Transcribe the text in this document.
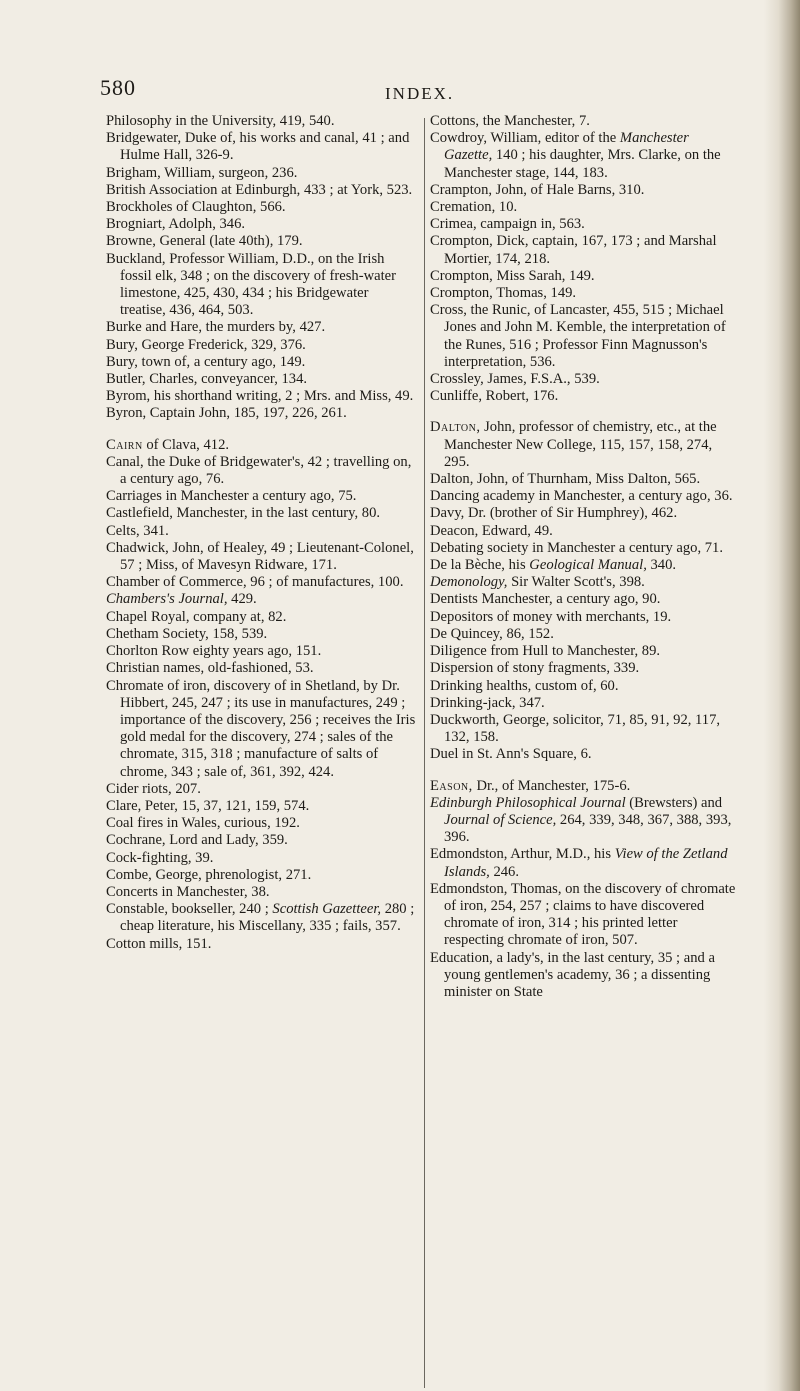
580	INDEX.

Philosophy in the University, 419, 540.

Bridgewater, Duke of, his works and canal, 41 ; and Hulme Hall, 326-9.

Brigham, William, surgeon, 236.

British Association at Edinburgh, 433 ; at York, 523.

Brockholes of Claughton, 566.

Brogniart, Adolph, 346.

Browne, General (late 40th), 179.

Buckland, Professor William, D.D., on the Irish fossil elk, 348 ; on the discovery of fresh-water limestone, 425, 430, 434 ; his Bridgewater treatise, 436, 464, 503.

Burke and Hare, the murders by, 427.

Bury, George Frederick, 329, 376.

Bury, town of, a century ago, 149.

Butler, Charles, conveyancer, 134.

Byrom, his shorthand writing, 2 ; Mrs. and Miss, 49.

Byron, Captain John, 185, 197, 226, 261.

Cairn of Clava, 412.

Canal, the Duke of Bridgewater's, 42 ; travelling on, a century ago, 76.

Carriages in Manchester a century ago, 75.

Castlefield, Manchester, in the last century, 80.

Celts, 341.

Chadwick, John, of Healey, 49 ; Lieutenant-Colonel, 57 ; Miss, of Mavesyn Ridware, 171.

Chamber of Commerce, 96 ; of manufactures, 100.

Chambers's Journal, 429.

Chapel Royal, company at, 82.

Chetham Society, 158, 539.

Chorlton Row eighty years ago, 151.

Christian names, old-fashioned, 53.

Chromate of iron, discovery of in Shetland, by Dr. Hibbert, 245, 247 ; its use in manufactures, 249 ; importance of the discovery, 256 ; receives the Iris gold medal for the discovery, 274 ; sales of the chromate, 315, 318 ; manufacture of salts of chrome, 343 ; sale of, 361, 392, 424.

Cider riots, 207.

Clare, Peter, 15, 37, 121, 159, 574.

Coal fires in Wales, curious, 192.

Cochrane, Lord and Lady, 359.

Cock-fighting, 39.

Combe, George, phrenologist, 271.

Concerts in Manchester, 38.

Constable, bookseller, 240 ; Scottish Gazetteer, 280 ; cheap literature, his Miscellany, 335 ; fails, 357.

Cotton mills, 151.

Cottons, the Manchester, 7.

Cowdroy, William, editor of the Manchester Gazette, 140 ; his daughter, Mrs. Clarke, on the Manchester stage, 144, 183.

Crampton, John, of Hale Barns, 310.

Cremation, 10.

Crimea, campaign in, 563.

Crompton, Dick, captain, 167, 173 ; and Marshal Mortier, 174, 218.

Crompton, Miss Sarah, 149.

Crompton, Thomas, 149.

Cross, the Runic, of Lancaster, 455, 515 ; Michael Jones and John M. Kemble, the interpretation of the Runes, 516 ; Professor Finn Magnusson's interpretation, 536.

Crossley, James, F.S.A., 539.

Cunliffe, Robert, 176.

Dalton, John, professor of chemistry, etc., at the Manchester New College, 115, 157, 158, 274, 295.

Dalton, John, of Thurnham, Miss Dalton, 565.

Dancing academy in Manchester, a century ago, 36.

Davy, Dr. (brother of Sir Humphrey), 462.

Deacon, Edward, 49.

Debating society in Manchester a century ago, 71.

De la Bèche, his Geological Manual, 340.

Demonology, Sir Walter Scott's, 398.

Dentists Manchester, a century ago, 90.

Depositors of money with merchants, 19.

De Quincey, 86, 152.

Diligence from Hull to Manchester, 89.

Dispersion of stony fragments, 339.

Drinking healths, custom of, 60.

Drinking-jack, 347.

Duckworth, George, solicitor, 71, 85, 91, 92, 117, 132, 158.

Duel in St. Ann's Square, 6.

Eason, Dr., of Manchester, 175-6.

Edinburgh Philosophical Journal (Brewsters) and Journal of Science, 264, 339, 348, 367, 388, 393, 396.

Edmondston, Arthur, M.D., his View of the Zetland Islands, 246.

Edmondston, Thomas, on the discovery of chromate of iron, 254, 257 ; claims to have discovered chromate of iron, 314 ; his printed letter respecting chromate of iron, 507.

Education, a lady's, in the last century, 35 ; and a young gentlemen's academy, 36 ; a dissenting minister on State
